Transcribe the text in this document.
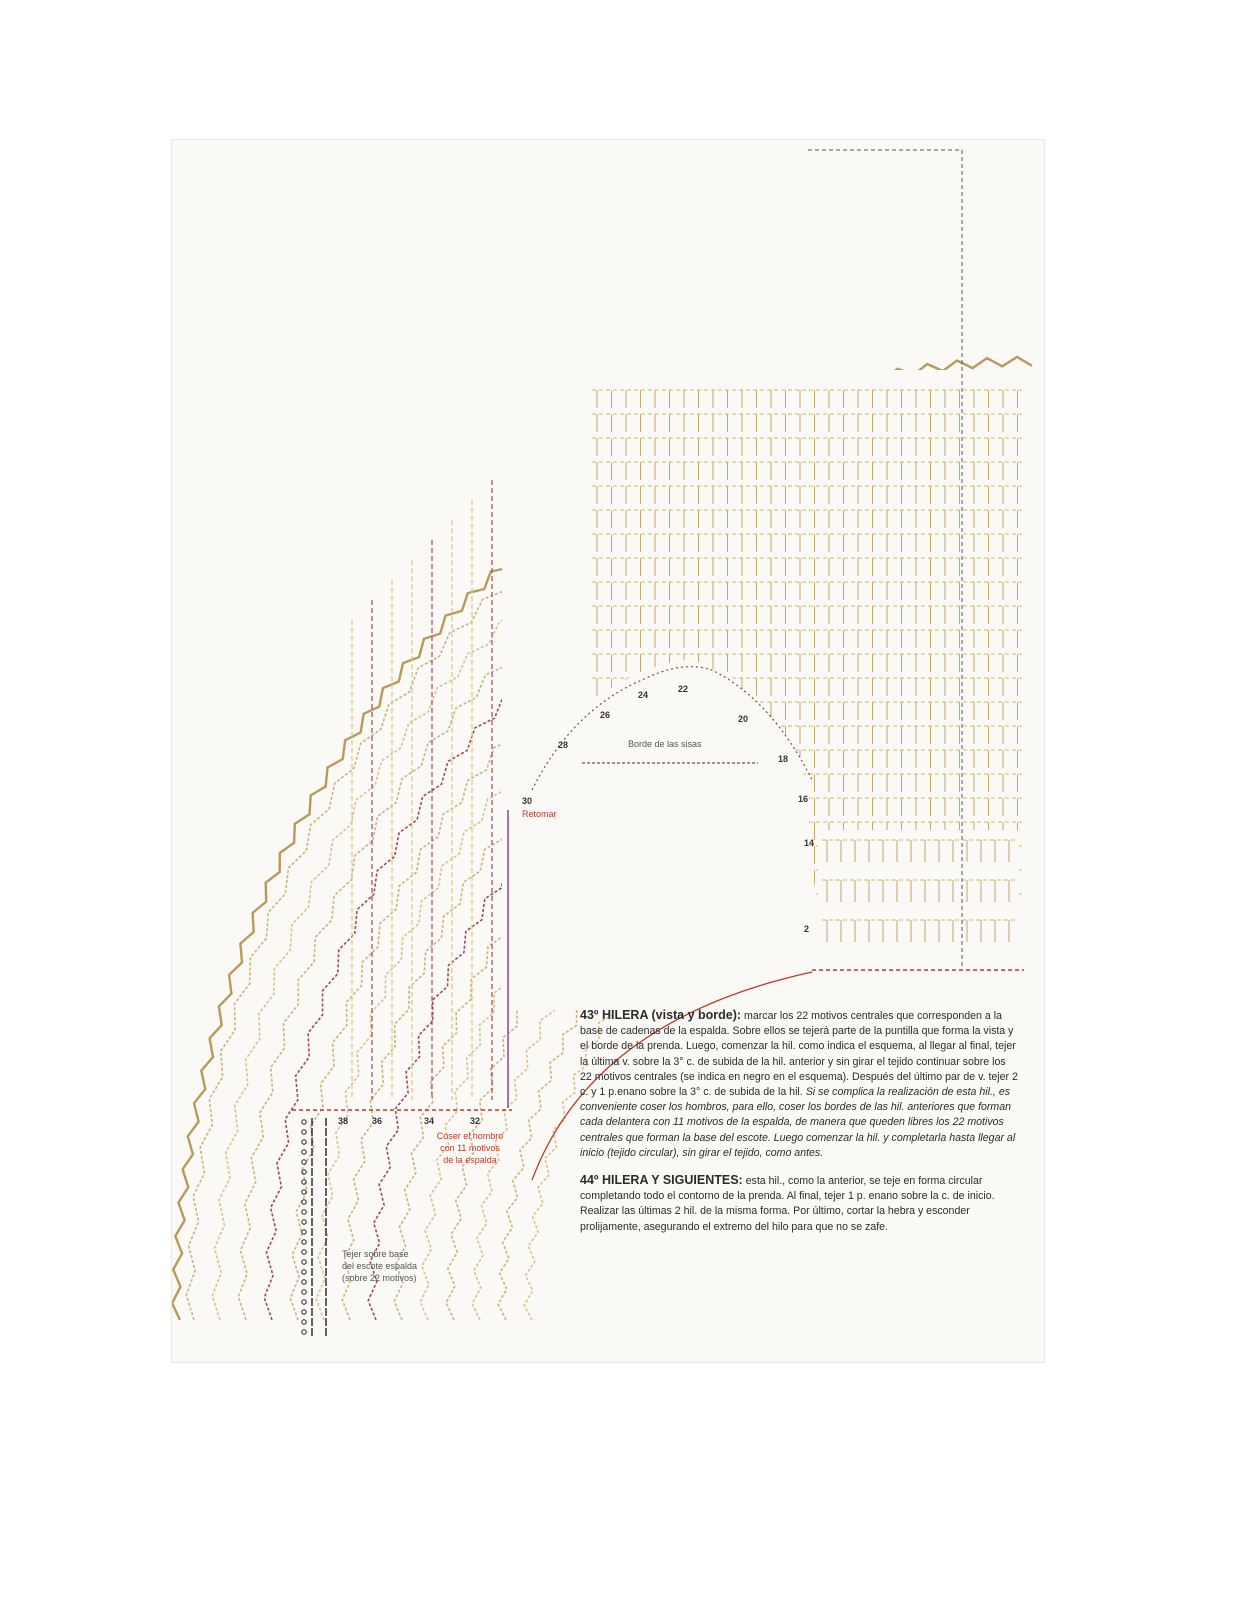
22
24
26
28
20
18
16
14
2
30
32
34
36
38
Borde de las sisas
Retomar
Coser el hombro
con 11 motivos
de la espalda
Tejer sobre base
del escote espalda
(sobre 22 motivos)

43º HILERA (vista y borde): marcar los 22 motivos centrales que corresponden a la base de cadenas de la espalda. Sobre ellos se tejerá parte de la puntilla que forma la vista y el borde de la prenda. Luego, comenzar la hil. como indica el esquema, al llegar al final, tejer la última v. sobre la 3° c. de subida de la hil. anterior y sin girar el tejido continuar sobre los 22 motivos centrales (se indica en negro en el esquema). Después del último par de v. tejer 2 c. y 1 p.enano sobre la 3° c. de subida de la hil. Si se complica la realización de esta hil., es conveniente coser los hombros, para ello, coser los bordes de las hil. anteriores que forman cada delantera con 11 motivos de la espalda, de manera que queden libres los 22 motivos centrales que forman la base del escote. Luego comenzar la hil. y completarla hasta llegar al inicio (tejido circular), sin girar el tejido, como antes.

44º HILERA Y SIGUIENTES: esta hil., como la anterior, se teje en forma circular completando todo el contorno de la prenda. Al final, tejer 1 p. enano sobre la c. de inicio. Realizar las últimas 2 hil. de la misma forma. Por último, cortar la hebra y esconder prolijamente, asegurando el extremo del hilo para que no se zafe.
